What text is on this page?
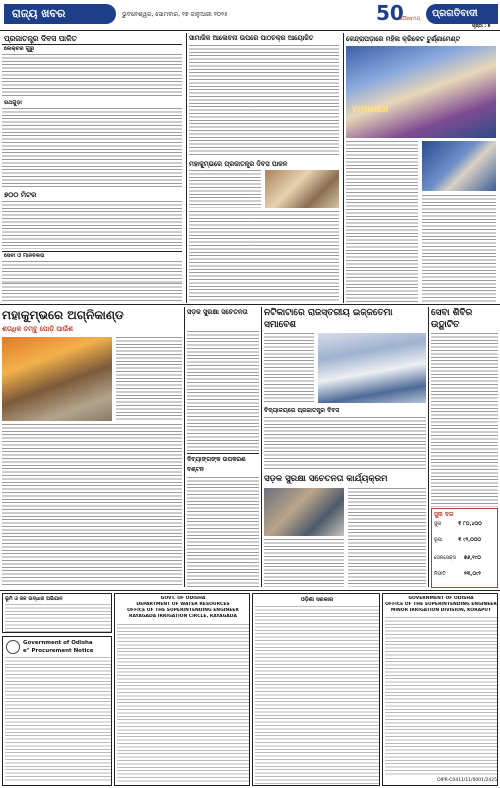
ରାଜ୍ୟ ଖବର	ଭୁବନେଶ୍ୱର, ସୋମବାର, ୨୭ ଜାନୁଆରୀ ୨୦୨୫	50
ଗୌରବମୟ
ପ୍ରଗତିବାଦୀ
ପୃଷ୍ଠା : ୭
ପ୍ରଜାତନ୍ତ୍ର ଦିବସ ପାଳିତ
ଲେକ୍ଚର ଗୁରୁ
ରଥଗୁଡ଼ା
୭୦୦ ମିଟର
ସେବା ଓ ମାନବିକତା
ସାମାଜିକ ଆଳୋଚନା ଉପରେ ପାଠଚକ୍ର ଆୟୋଜିତ
ମହାକୁମ୍ଭରେ ପ୍ରଜାତନ୍ତ୍ର ଦିବସ ପାଳନ
କେନ୍ଦ୍ରାପଡ଼ାରେ ମହିଳା କ୍ରିକେଟ ଟୁର୍ଣ୍ଣାମେଣ୍ଟ
WINNER
ମହାକୁମ୍ଭରେ ଅଗ୍ନିକାଣ୍ଡ
ଶତାଧିକ ତମ୍ବୁ ପୋଡ଼ି ପାଉଁଶ
ସଡ଼କ ସୁରକ୍ଷା ସଚେତନତା
ଦିବ୍ୟାଙ୍ଗଙ୍କ ଉପକରଣ ବଣ୍ଟନ
ନଟିକାଟାରେ ରାଜସ୍ତରୀୟ ଇଜ୍ଜତେମା ସମାବେଶ
ବିଦ୍ୟାଳୟରେ ପ୍ରଜାତନ୍ତ୍ର ଦିବସ
ସଡ଼କ ସୁରକ୍ଷା ସଚେତନତା କାର୍ଯ୍ୟକ୍ରମ
ସେବା ଶିବିର ଉଦ୍ଘାଟିତ
ସୁନା ଦର
ସୁନା	₹ ୮୦,୪୦୦
ରୂପା	₹ ୯୨,୦୦୦
ସେନସେକ୍ସ	୭୬,୧୯୦
ନିଫ୍ଟି	୨୩,୦୯୨
ଭୂମି ଓ ଜଳ ଉଦ୍ଧାର ଅଭିଯାନ
Government of Odisha
e" Procurement Notice
GOVT. OF ODISHA
DEPARTMENT OF WATER RESOURCES
OFFICE OF THE SUPERINTENDING ENGINEER
RAYAGADA IRRIGATION CIRCLE, RAYAGADA
ଓଡ଼ିଶା ସରକାର	GOVERNMENT OF ODISHA
OFFICE OF THE SUPERINTENDING ENGINEER
MINOR IRRIGATION DIVISION, KORAPUT
OIPR-C0411/11/0001/2425
